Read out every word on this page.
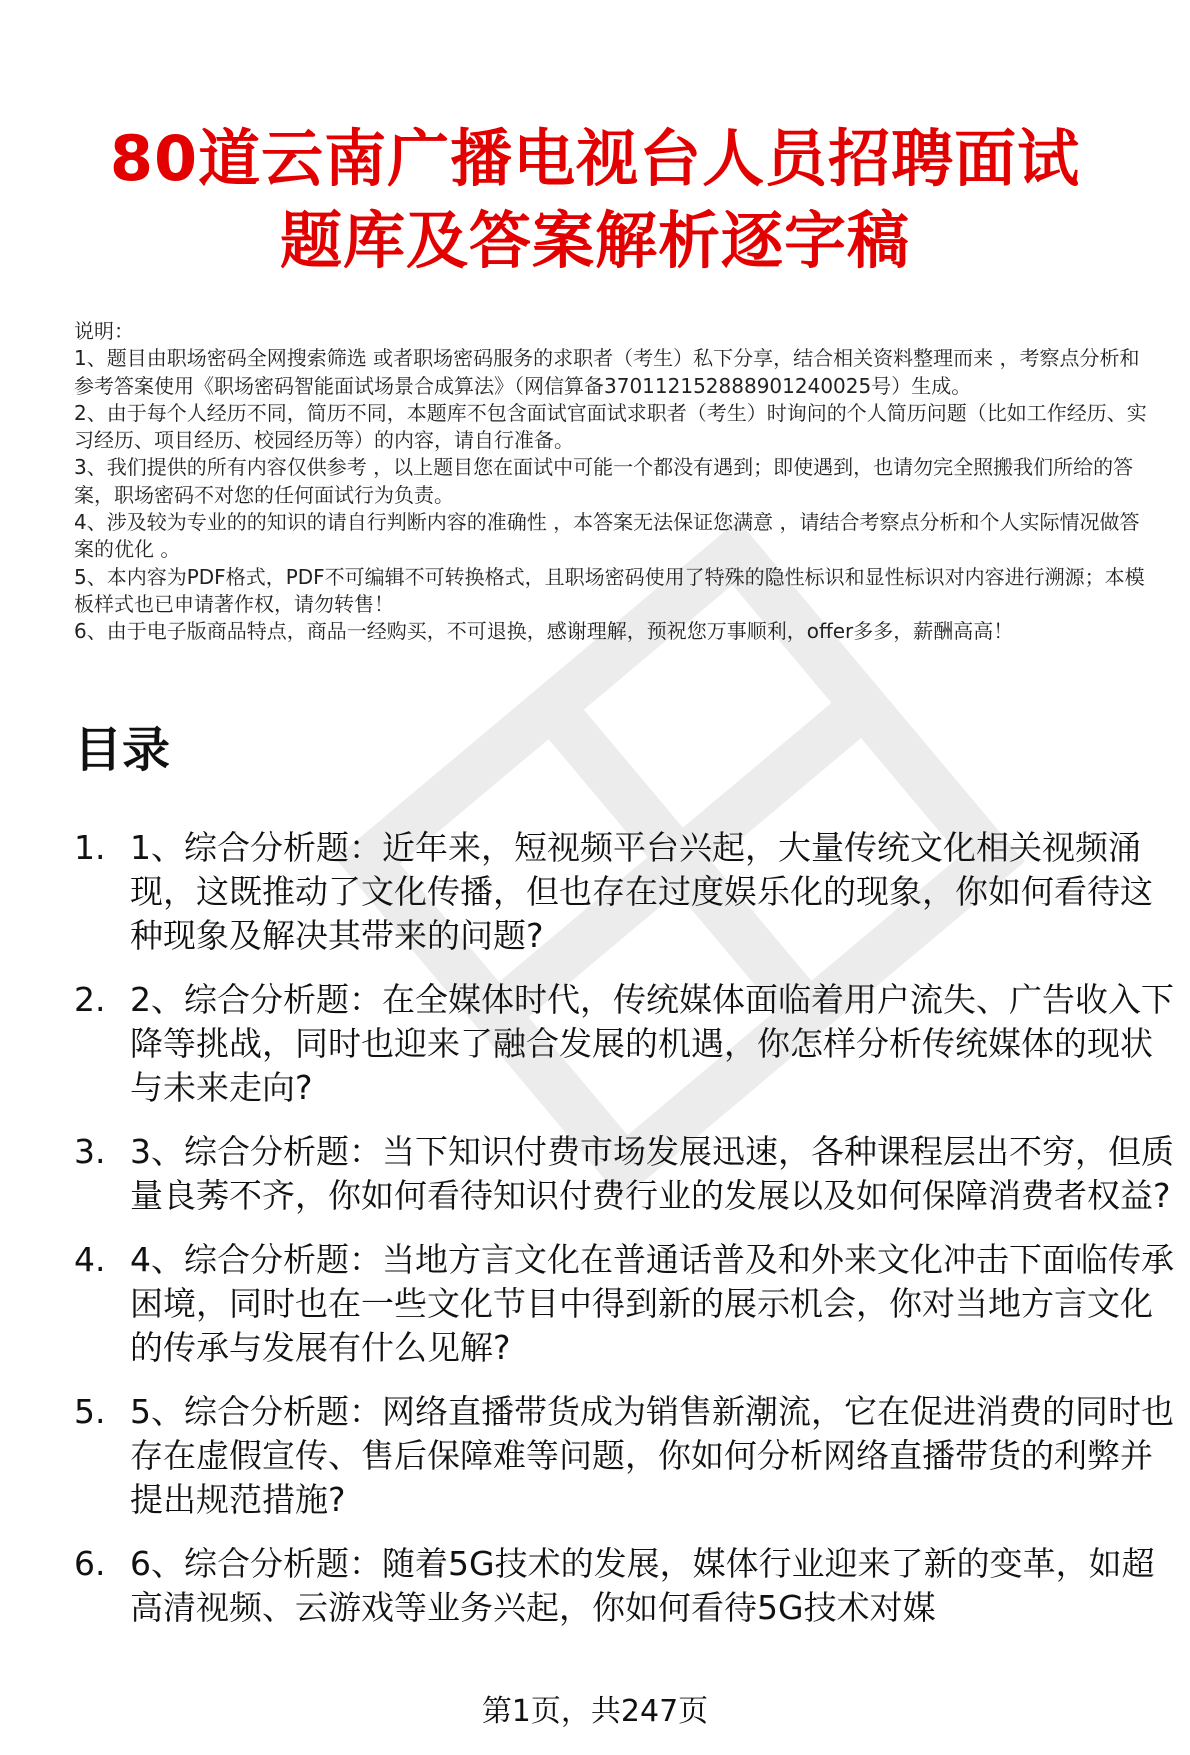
80道云南广播电视台人员招聘面试
题库及答案解析逐字稿

说明：

1、题目由职场密码全网搜索筛选 或者职场密码服务的求职者（考生）私下分享，结合相关资料整理而来 ，考察点分析和参考答案使用《职场密码智能面试场景合成算法》（网信算备370112152888901240025号）生成。

2、由于每个人经历不同，简历不同，本题库不包含面试官面试求职者（考生）时询问的个人简历问题（比如工作经历、实习经历、项目经历、校园经历等）的内容，请自行准备。

3、我们提供的所有内容仅供参考 ，以上题目您在面试中可能一个都没有遇到；即使遇到，也请勿完全照搬我们所给的答案，职场密码不对您的任何面试行为负责。

4、涉及较为专业的的知识的请自行判断内容的准确性 ，本答案无法保证您满意 ，请结合考察点分析和个人实际情况做答案的优化 。

5、本内容为PDF格式，PDF不可编辑不可转换格式，且职场密码使用了特殊的隐性标识和显性标识对内容进行溯源；本模板样式也已申请著作权，请勿转售！

6、由于电子版商品特点，商品一经购买，不可退换，感谢理解，预祝您万事顺利，offer多多，薪酬高高！

目录
1. 1、综合分析题：近年来，短视频平台兴起，大量传统文化相关视频涌现，这既推动了文化传播，但也存在过度娱乐化的现象，你如何看待这种现象及解决其带来的问题?
2. 2、综合分析题：在全媒体时代，传统媒体面临着用户流失、广告收入下降等挑战，同时也迎来了融合发展的机遇，你怎样分析传统媒体的现状与未来走向?
3. 3、综合分析题：当下知识付费市场发展迅速，各种课程层出不穷，但质量良莠不齐，你如何看待知识付费行业的发展以及如何保障消费者权益?
4. 4、综合分析题：当地方言文化在普通话普及和外来文化冲击下面临传承困境，同时也在一些文化节目中得到新的展示机会，你对当地方言文化的传承与发展有什么见解?
5. 5、综合分析题：网络直播带货成为销售新潮流，它在促进消费的同时也存在虚假宣传、售后保障难等问题，你如何分析网络直播带货的利弊并提出规范措施?
6. 6、综合分析题：随着5G技术的发展，媒体行业迎来了新的变革，如超高清视频、云游戏等业务兴起，你如何看待5G技术对媒
第1页，共247页
